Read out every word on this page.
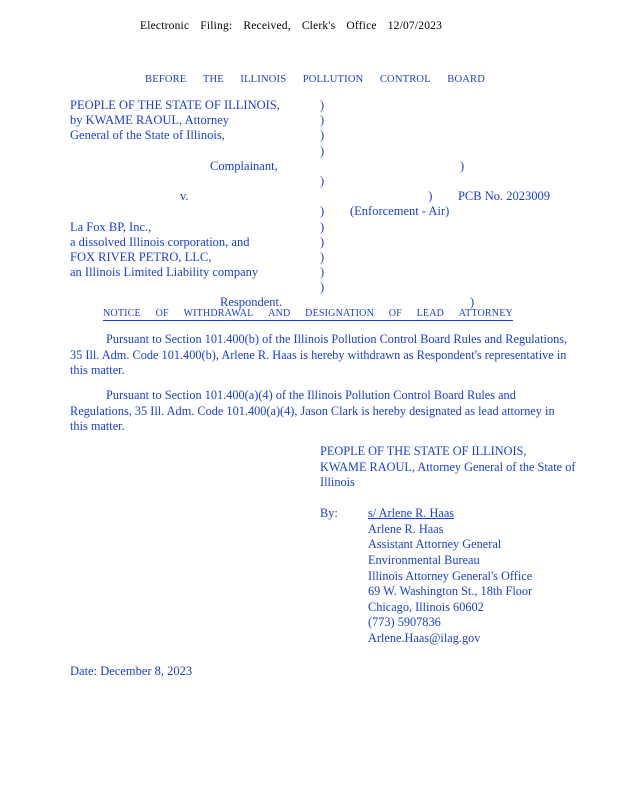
Electronic Filing: Received, Clerk's Office 12/07/2023
BEFORE THE ILLINOIS POLLUTION CONTROL BOARD
PEOPLE OF THE STATE OF ILLINOIS,	)
by KWAME RAOUL, Attorney	)
General of the State of Illinois,	)
)
Complainant,	)
)
v.	)	PCB No. 2023009
)	(Enforcement - Air)
La Fox BP, Inc.,	)
a dissolved Illinois corporation, and	)
FOX RIVER PETRO, LLC,	)
an Illinois Limited Liability company	)
)
Respondent.	)
NOTICE OF WITHDRAWAL AND DESIGNATION OF LEAD ATTORNEY
Pursuant to Section 101.400(b) of the Illinois Pollution Control Board Rules and Regulations, 35 Ill. Adm. Code 101.400(b), Arlene R. Haas is hereby withdrawn as Respondent's representative in this matter.
Pursuant to Section 101.400(a)(4) of the Illinois Pollution Control Board Rules and Regulations, 35 Ill. Adm. Code 101.400(a)(4), Jason Clark is hereby designated as lead attorney in this matter.
PEOPLE OF THE STATE OF ILLINOIS,
KWAME RAOUL, Attorney General of the State of
Illinois
By:	s/ Arlene R. Haas
Arlene R. Haas
Assistant Attorney General
Environmental Bureau
Illinois Attorney General's Office
69 W. Washington St., 18th Floor
Chicago, Illinois 60602
(773) 5907836
Arlene.Haas@ilag.gov
Date: December 8, 2023
